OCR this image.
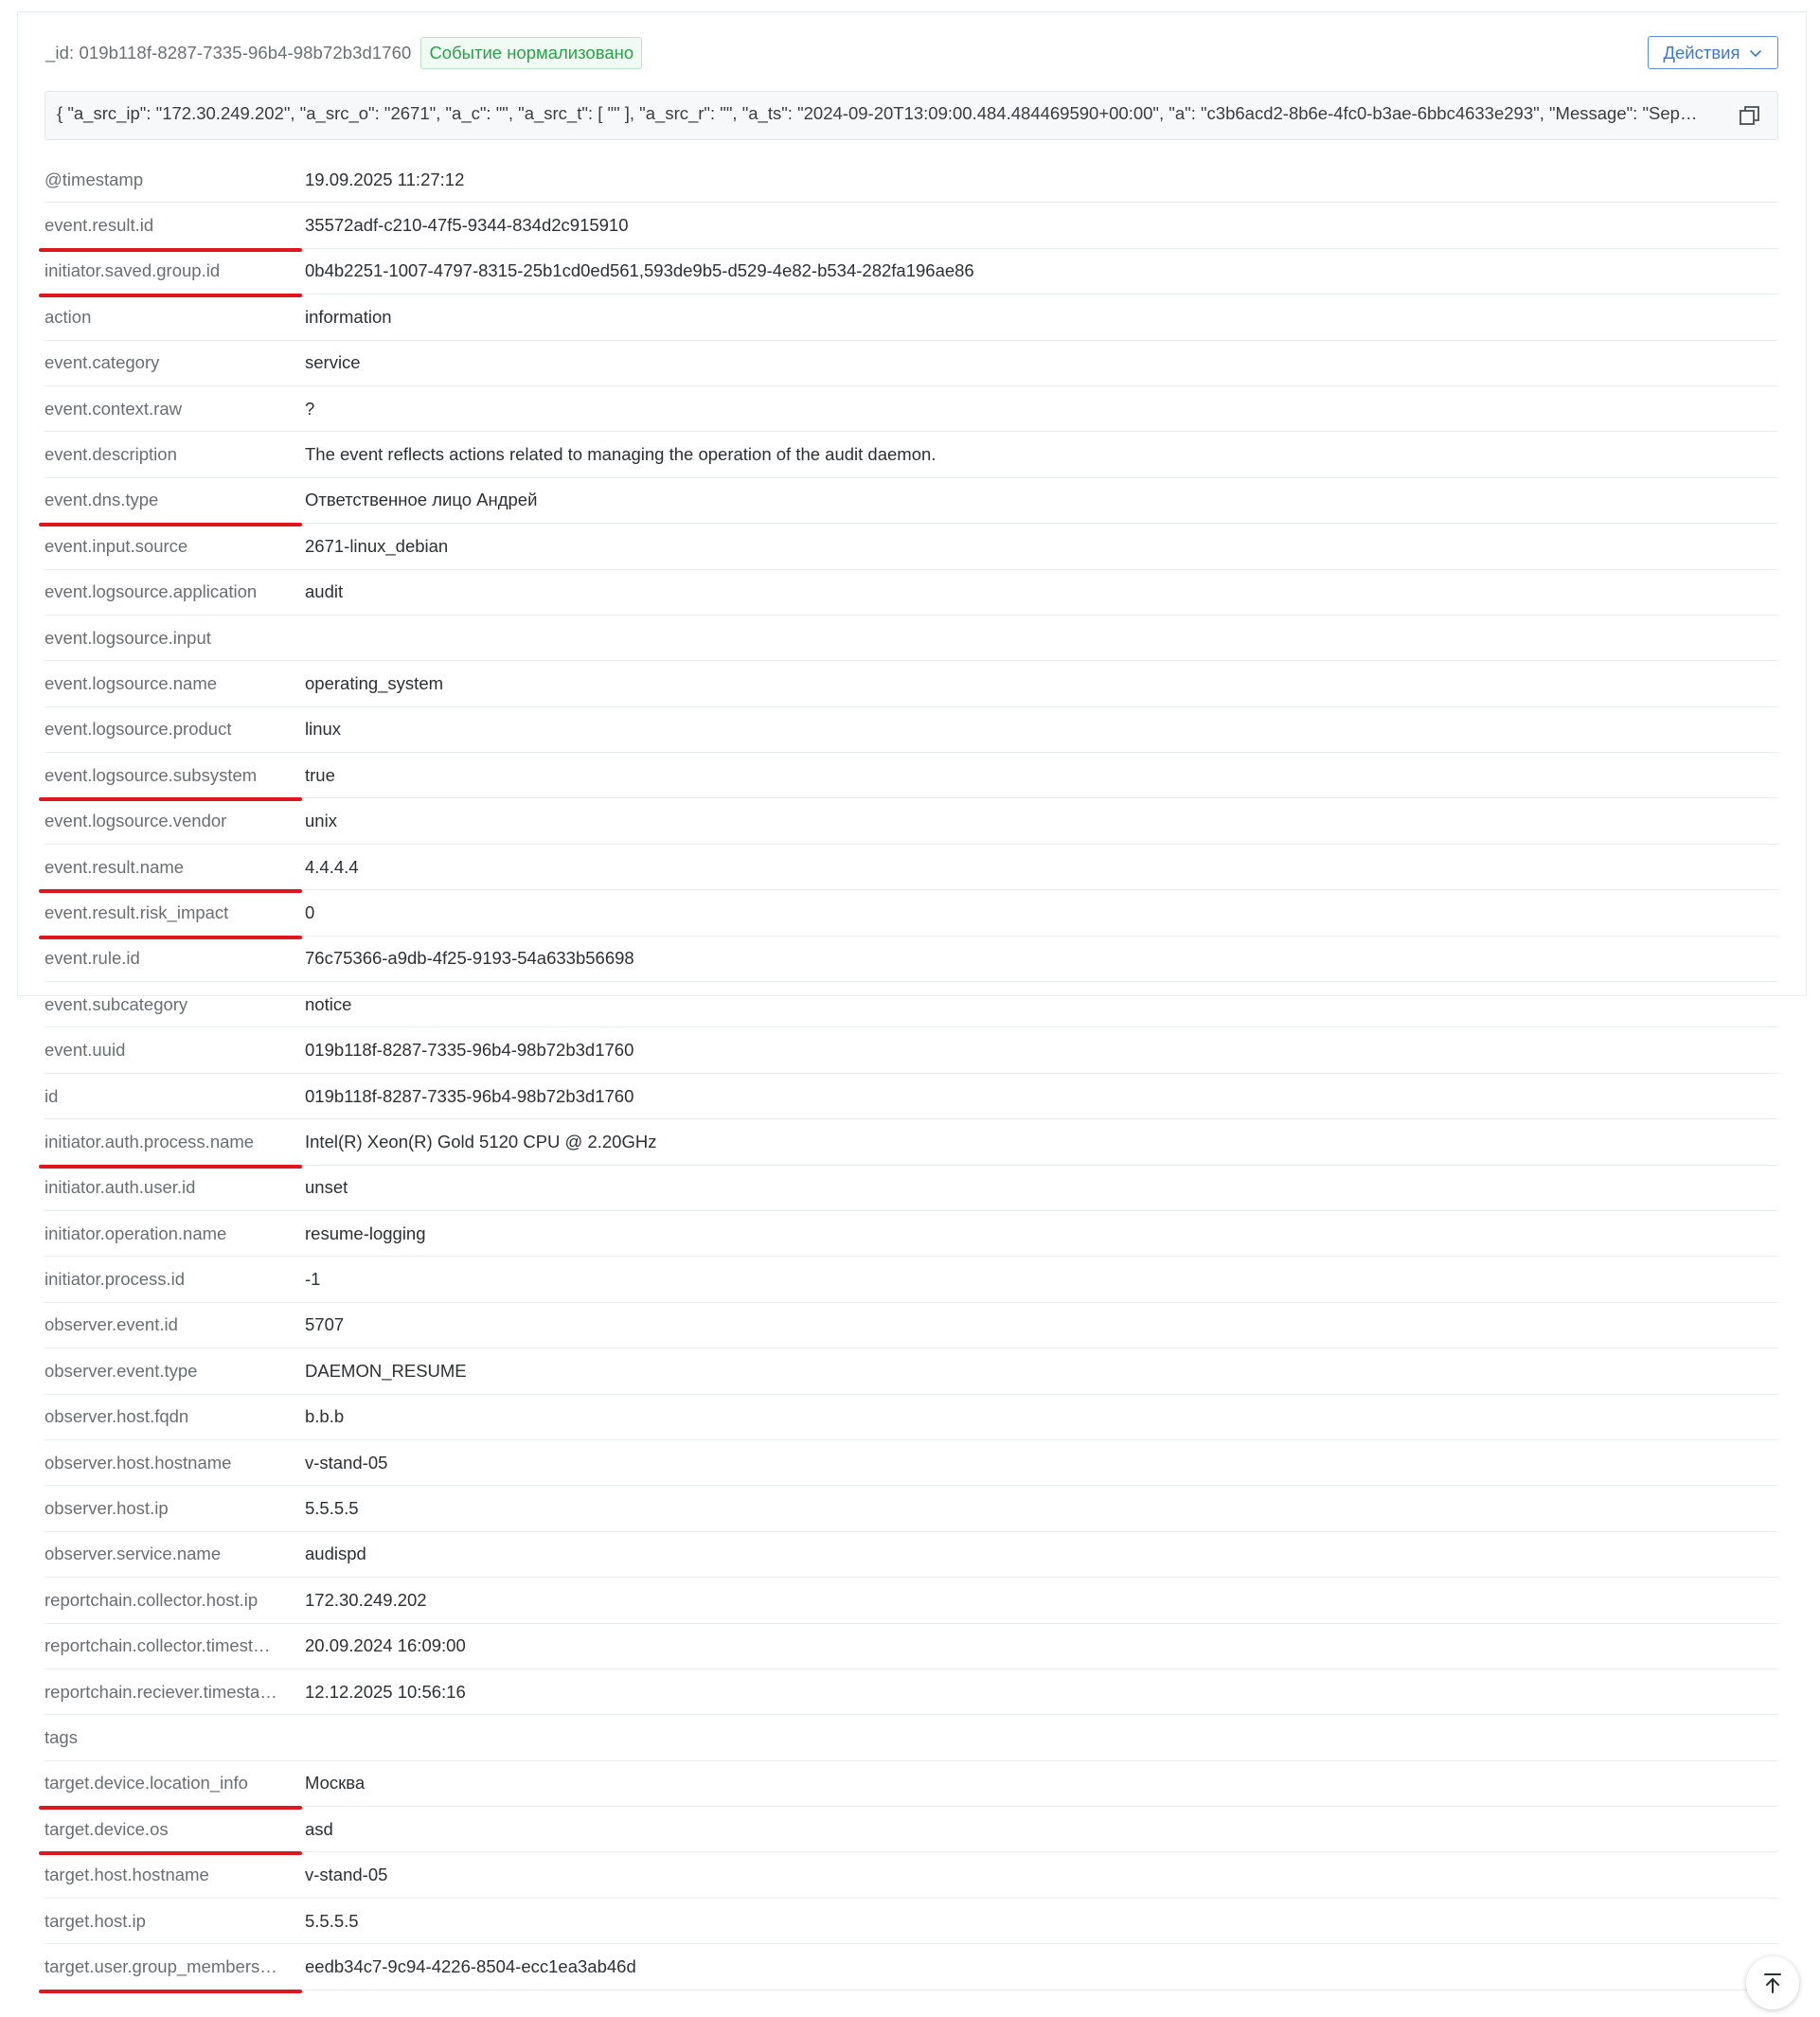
_id: 019b118f-8287-7335-96b4-98b72b3d1760	Событие нормализовано	Действия
{ "a_src_ip": "172.30.249.202", "a_src_o": "2671", "a_c": "", "a_src_t": [ "" ], "a_src_r": "", "a_ts": "2024-09-20T13:09:00.484.484469590+00:00", "a": "c3b6acd2-8b6e-4fc0-b3ae-6bbc4633e293", "Message": "Sep…
@timestamp	19.09.2025 11:27:12
event.result.id	35572adf-c210-47f5-9344-834d2c915910
initiator.saved.group.id	0b4b2251-1007-4797-8315-25b1cd0ed561,593de9b5-d529-4e82-b534-282fa196ae86
action	information
event.category	service
event.context.raw	?
event.description	The event reflects actions related to managing the operation of the audit daemon.
event.dns.type	Ответственное лицо Андрей
event.input.source	2671-linux_debian
event.logsource.application	audit
event.logsource.input
event.logsource.name	operating_system
event.logsource.product	linux
event.logsource.subsystem	true
event.logsource.vendor	unix
event.result.name	4.4.4.4
event.result.risk_impact	0
event.rule.id	76c75366-a9db-4f25-9193-54a633b56698
event.subcategory	notice
event.uuid	019b118f-8287-7335-96b4-98b72b3d1760
id	019b118f-8287-7335-96b4-98b72b3d1760
initiator.auth.process.name	Intel(R) Xeon(R) Gold 5120 CPU @ 2.20GHz
initiator.auth.user.id	unset
initiator.operation.name	resume-logging
initiator.process.id	-1
observer.event.id	5707
observer.event.type	DAEMON_RESUME
observer.host.fqdn	b.b.b
observer.host.hostname	v-stand-05
observer.host.ip	5.5.5.5
observer.service.name	audispd
reportchain.collector.host.ip	172.30.249.202
reportchain.collector.timest…	20.09.2024 16:09:00
reportchain.reciever.timesta…	12.12.2025 10:56:16
tags
target.device.location_info	Москва
target.device.os	asd
target.host.hostname	v-stand-05
target.host.ip	5.5.5.5
target.user.group_members…	eedb34c7-9c94-4226-8504-ecc1ea3ab46d
